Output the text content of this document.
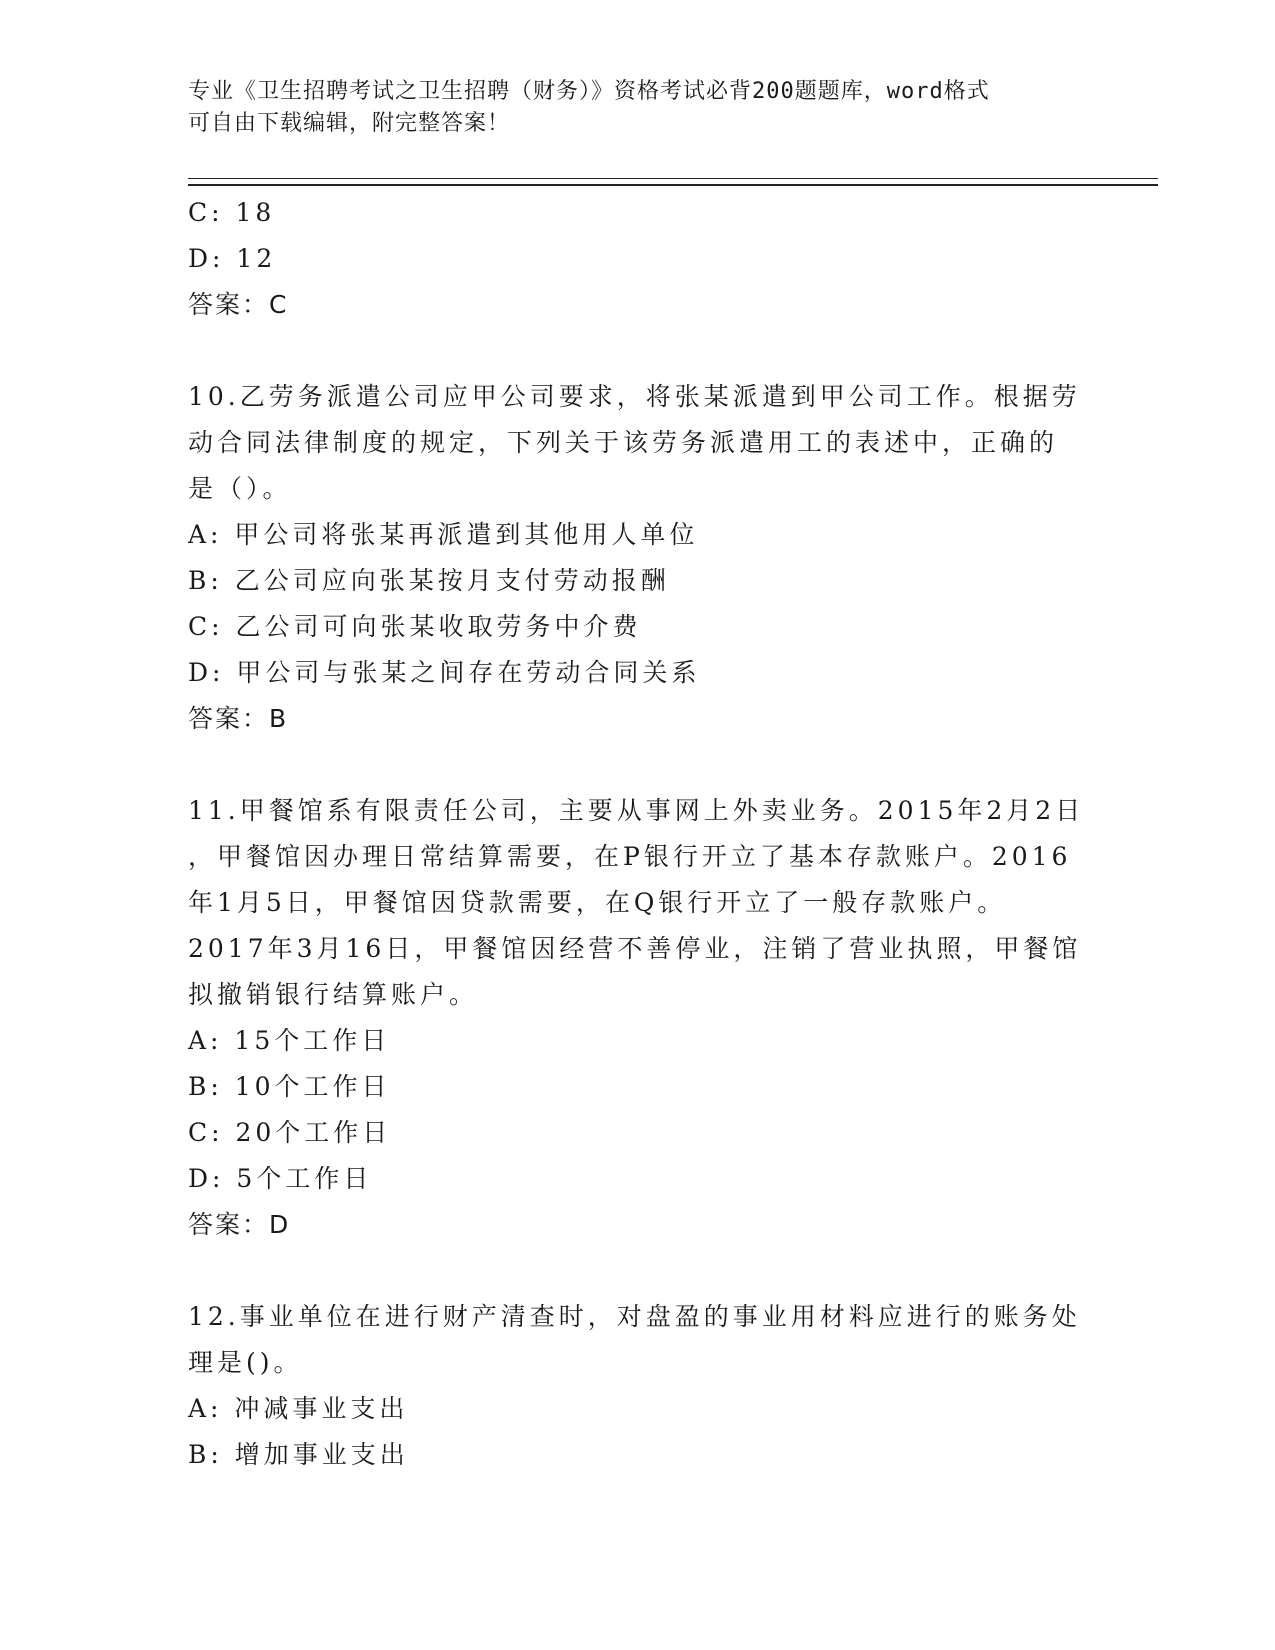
专业《卫生招聘考试之卫生招聘（财务）》资格考试必背200题题库，word格式
可自由下载编辑，附完整答案！
C: 18
D: 12
答案：C
10.乙劳务派遣公司应甲公司要求，将张某派遣到甲公司工作。根据劳
动合同法律制度的规定，下列关于该劳务派遣用工的表述中，正确的
是（）。
A: 甲公司将张某再派遣到其他用人单位
B: 乙公司应向张某按月支付劳动报酬
C: 乙公司可向张某收取劳务中介费
D: 甲公司与张某之间存在劳动合同关系
答案：B
11.甲餐馆系有限责任公司，主要从事网上外卖业务。2015年2月2日
，甲餐馆因办理日常结算需要，在P银行开立了基本存款账户。2016
年1月5日，甲餐馆因贷款需要，在Q银行开立了一般存款账户。
2017年3月16日，甲餐馆因经营不善停业，注销了营业执照，甲餐馆
拟撤销银行结算账户。
A: 15个工作日
B: 10个工作日
C: 20个工作日
D: 5个工作日
答案：D
12.事业单位在进行财产清查时，对盘盈的事业用材料应进行的账务处
理是()。
A: 冲减事业支出
B: 增加事业支出
